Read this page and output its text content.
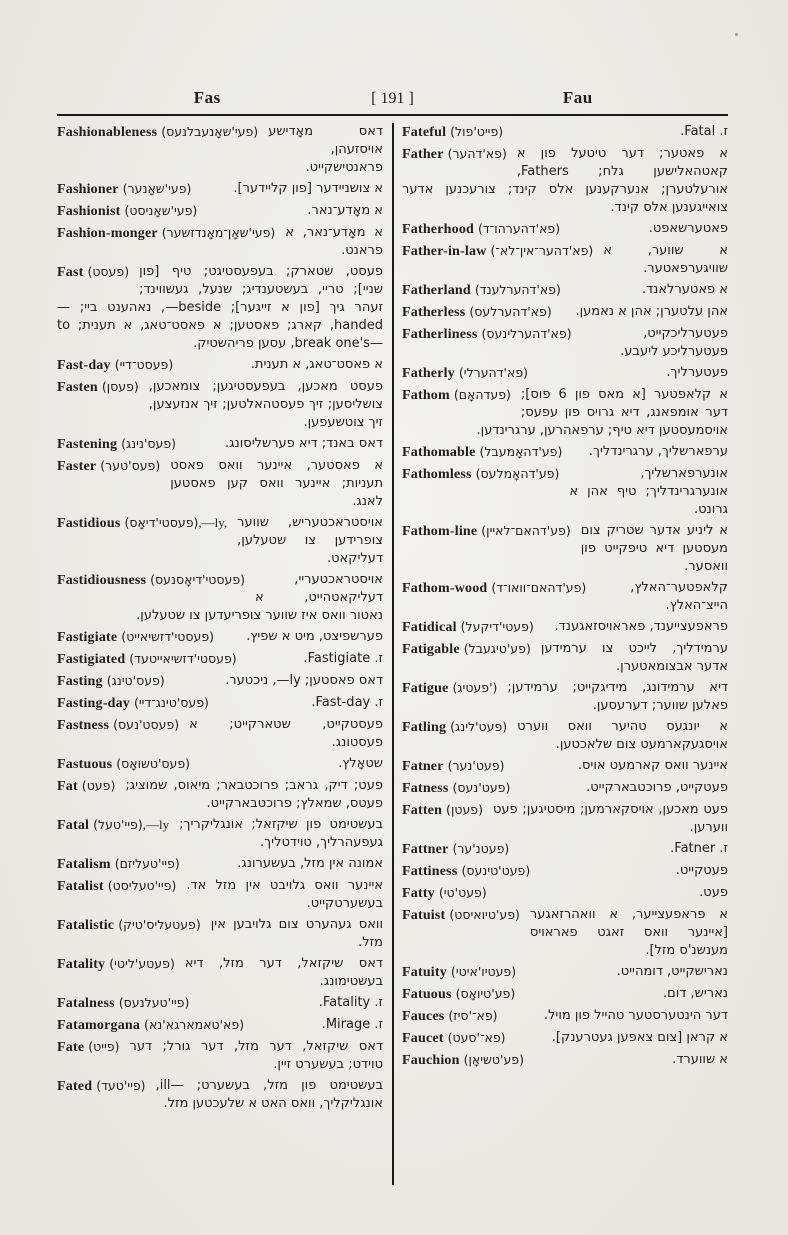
Fas	[ 191 ]	Fau

Fashionableness (פעי'שאָנעבלנעס) דאס מאָדישע אויסזעהן, פראנטישקייט.

Fashioner (פעי'שאָנער)	א צושניידער [פון קליידער].

Fashionist (פעי'שאָניסט)	א מאָדע־נאר.

Fashion-monger (פעי'שאָן־מאָנדזשער) א מאָדע־נאר, א פראנט.

Fast (פעסט) פעסט, שטארק; בעפעסטיגט; טיף [פון שניי]; טריי, בעשטענדיג; שנעל, געשווינד; זעהר גיך [פון א זייגער]; ‎—beside‎, נאהענט ביי; ‎—handed‎, קארג; פאסטען; א פאסט־טאג, א תענית; ‎to break one's—‎, עסען פריהשטיק.

Fast-day (פעסט־דיי)	א פאסט־טאג, א תענית.

Fasten (פעסן) פעסט מאכען, בעפעסטיגען; צומאכען, צושליסען; זיך פעסטהאלטען; זיך אנזעצען, זיך צוטשעפען.

Fastening (פעס'נינג)	דאס באנד; דיא פערשליסונג.

Faster (פעס'טער) א פאסטער, איינער וואס פאסט תעניות; איינער וואס קען פאסטען לאנג.

Fastidious (פעסטי'דיאָס),—ly, אויסטראכטעריש, שווער צופרידען צו שטעלען, דעליקאט.

Fastidiousness (פעסטי'דיאָסנעס)	אויסטראכטעריי, דעליקאטהייט, א נאטור וואס איז שווער צופריעדען צו שטעלען.

Fastigiate (פעסטי'דזשיאייט) פערשפיצט, מיט א שפיץ.

Fastigiated (פעסטי'דזשיאייטעד)	ז. ‎Fastigiate‎.

Fasting (פעס'טינג)	דאס פאסטען; ‎—ly‎, ניכטער.

Fasting-day (פעס'טינג־דיי)	ז. ‎Fast-day‎.

Fastness (פעסט'נעס) פעסטקייט, שטארקייט; א פעסטונג.

Fastuous (פעס'טשואָס)	שטאָלץ.

Fat (פעט) פעט; דיק, גראב; פרוכטבאר; מיאוס, שמוציג; פעטס, שמאלץ; פרוכטבארקייט.

Fatal (פיי'טעל),—ly בעשטימט פון שיקזאל; אונגליקריך; געפעהרליך, טוידטליך.

Fatalism (פיי'טעליזם)	אמונה אין מזל, בעשערונג.

Fatalist (פיי'טעליסט) איינער וואס גלויבט אין מזל אד. בעשערטקייט.

Fatalistic (פעטעליס'טיק) וואס געהערט צום גלויבען אין מזל.

Fatality (פעטע'ליטי) דאס שיקזאל, דער מזל, דיא בעשטימונג.

Fatalness (פיי'טעלנעס)	ז. ‎Fatality‎.

Fatamorgana (פא'טאמארגא'נא)	ז. ‎Mirage‎.

Fate (פייט) דאס שיקזאל, דער מזל, דער גורל; דער טוידט; בעשערט זיין.

Fated (פיי'טעד) בעשטימט פון מזל, בעשערט; ‎ill—‎, אונגליקליך, וואס האט א שלעכטען מזל.

Fateful (פייט'פול)	ז. ‎Fatal‎.

Father (פא'דהער) א פאטער; דער טיטעל פון א קאטהאלישען גלח; ‎Fathers‎, אורעלטערן; אנערקענען אלס קינד; צורעכנען אדער צואייגענען אלס קינד.

Fatherhood (פא'דהערהו־ד)	פאטערשאפט.

Father-in-law (פא'דהער־אין־לא־) א שווער, א שוויגערפאטער.

Fatherland (פא'דהערלענד)	א פאטערלאנד.

Fatherless (פא'דהערלעס) אהן עלטערן; אהן א נאמען.

Fatherliness (פא'דהערלינעס)	פעטערליכקייט, פעטערליכע ליעבע.

Fatherly (פא'דהערלי)	פעטערליך.

Fathom (פעדהאָם) א קלאפטער [א מאס פון 6 פוס]; דער אומפאנג, דיא גרויס פון עפעס; אויסמעסטען דיא טיף; ערפאהרען, ערגרינדען.

Fathomable (פע'דהאָמעבל) ערפארשליך, ערגרינדליך.

Fathomless (פע'דהאָמלעס)	אונערפארשליך, אונערגרינדליך; טיף אהן א גרונט.

Fathom-line (פע'דהאם־לאיין) א ליניע אדער שטריק צום מעסטען דיא טיפקייט פון וואסער.

Fathom-wood (פע'דהאם־וואו־ד)	קלאפטער־האלץ, הייצ־האלץ.

Fatidical (פעטי'דיקעל) פראפעצייענד, פאראויסזאגענד.

Fatigable (פע'טיגעבל) ערמידליך, לייכט צו ערמידען אדער אבצומאטערן.

Fatigue (פעטיג') דיא ערמידונג, מידיגקייט; ערמידען; פאלען שווער; דערעסען.

Fatling (פעט'לינג) א יונגעס טהיער וואס ווערט אויסגעקארמעט צום שלאכטען.

Fatner (פעט'נער)	איינער וואס קארמעט אויס.

Fatness (פעט'נעס)	פעטקייט, פרוכטבארקייט.

Fatten (פעטן) פעט מאכען, אויסקארמען; מיסטיגען; פעט ווערען.

Fattner (פעטנ'ער)	ז. ‎Fatner‎.

Fattiness (פעט'טינעס)	פעטקייט.

Fatty (פעט'טי)	פעט.

Fatuist (פע'טיואיסט) א פראפעצייער, א וואהרזאגער [איינער וואס זאגט פאראויס מענשנ'ס מזל].

Fatuity (פעטיו'איטי)	נארישקייט, דומהייט.

Fatuous (פע'טיואָס)	נאריש, דום.

Fauces (פא־'סיז)	דער הינטערסטער טהייל פון מויל.

Faucet (פא־'סעט)	א קראן [צום צאפען געטרענק].

Fauchion (פע'טשיאָן)	א שווערד.
